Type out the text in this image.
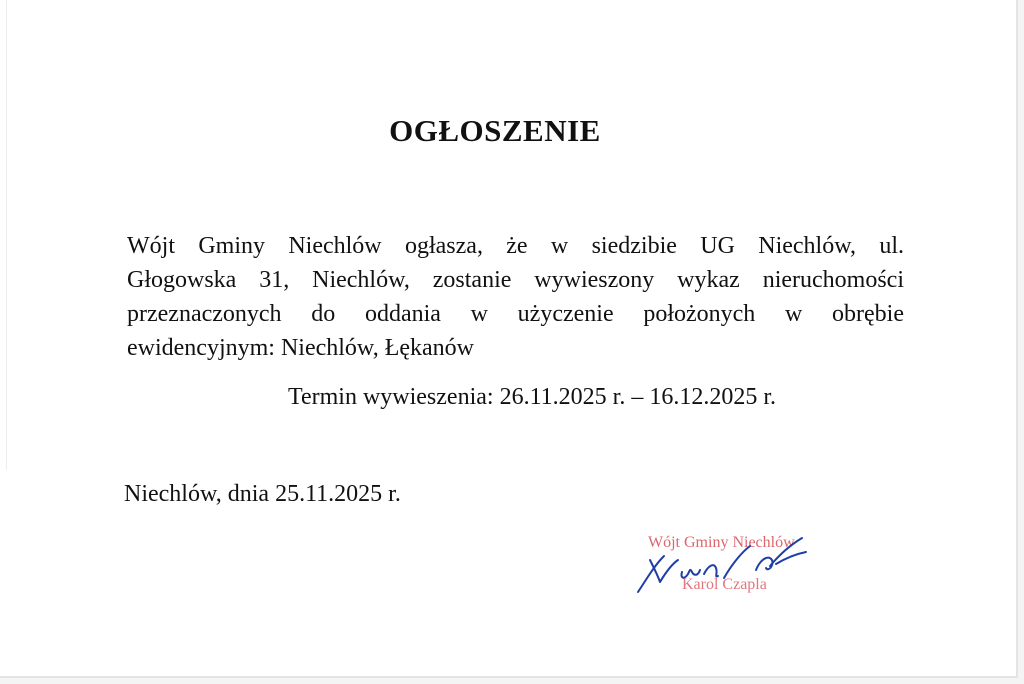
OGŁOSZENIE
Wójt Gminy Niechlów ogłasza, że w siedzibie UG Niechlów, ul.
Głogowska 31, Niechlów, zostanie wywieszony wykaz nieruchomości
przeznaczonych do oddania w użyczenie położonych w obrębie
ewidencyjnym: Niechlów, Łękanów
Termin wywieszenia: 26.11.2025 r. – 16.12.2025 r.
Niechlów, dnia 25.11.2025 r.
Wójt Gminy Niechlów
Karol Czapla
